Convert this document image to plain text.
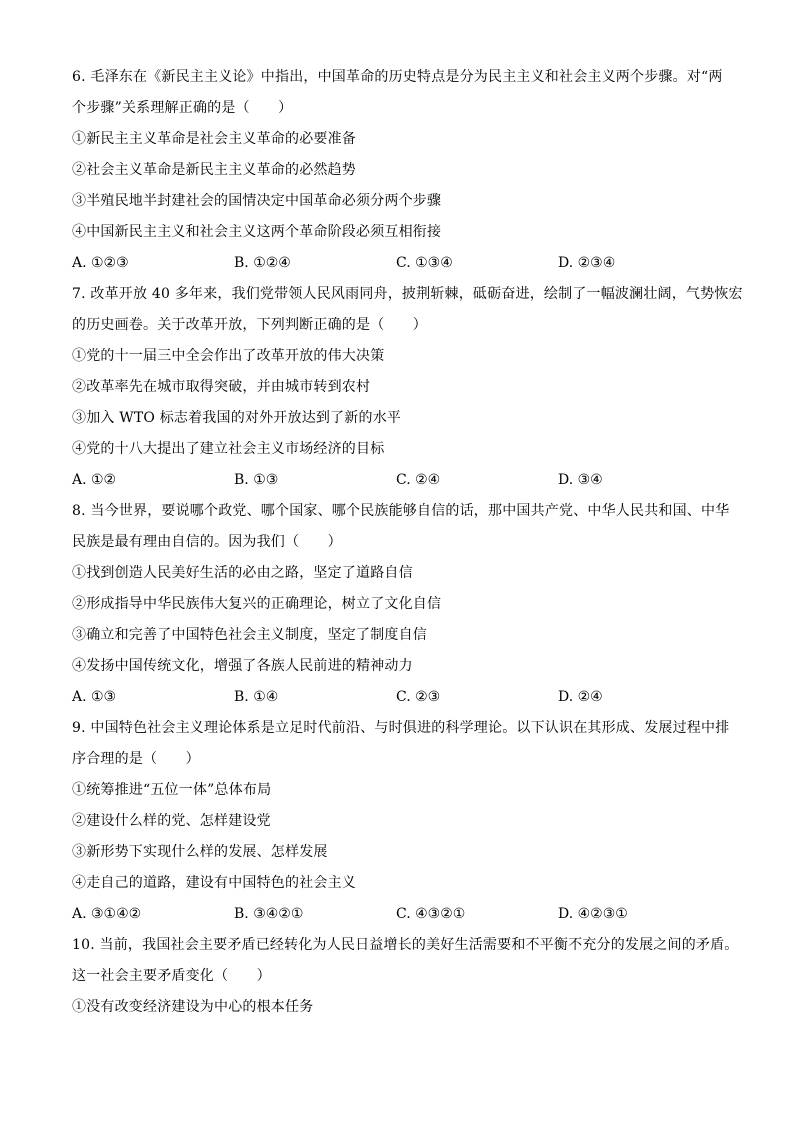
6. 毛泽东在《新民主主义论》中指出，中国革命的历史特点是分为民主主义和社会主义两个步骤。对“两
个步骤”关系理解正确的是（　　）
①新民主主义革命是社会主义革命的必要准备
②社会主义革命是新民主主义革命的必然趋势
③半殖民地半封建社会的国情决定中国革命必须分两个步骤
④中国新民主主义和社会主义这两个革命阶段必须互相衔接
A. ①②③	B. ①②④	C. ①③④	D. ②③④
7. 改革开放 40 多年来，我们党带领人民风雨同舟，披荆斩棘，砥砺奋进，绘制了一幅波澜壮阔，气势恢宏
的历史画卷。关于改革开放，下列判断正确的是（　　）
①党的十一届三中全会作出了改革开放的伟大决策
②改革率先在城市取得突破，并由城市转到农村
③加入 WTO 标志着我国的对外开放达到了新的水平
④党的十八大提出了建立社会主义市场经济的目标
A. ①②	B. ①③	C. ②④	D. ③④
8. 当今世界，要说哪个政党、哪个国家、哪个民族能够自信的话，那中国共产党、中华人民共和国、中华
民族是最有理由自信的。因为我们（　　）
①找到创造人民美好生活的必由之路，坚定了道路自信
②形成指导中华民族伟大复兴的正确理论，树立了文化自信
③确立和完善了中国特色社会主义制度，坚定了制度自信
④发扬中国传统文化，增强了各族人民前进的精神动力
A. ①③	B. ①④	C. ②③	D. ②④
9. 中国特色社会主义理论体系是立足时代前沿、与时俱进的科学理论。以下认识在其形成、发展过程中排
序合理的是（　　）
①统筹推进“五位一体”总体布局
②建设什么样的党、怎样建设党
③新形势下实现什么样的发展、怎样发展
④走自己的道路，建设有中国特色的社会主义
A. ③①④②	B. ③④②①	C. ④③②①	D. ④②③①
10. 当前，我国社会主要矛盾已经转化为人民日益增长的美好生活需要和不平衡不充分的发展之间的矛盾。
这一社会主要矛盾变化（　　）
①没有改变经济建设为中心的根本任务
